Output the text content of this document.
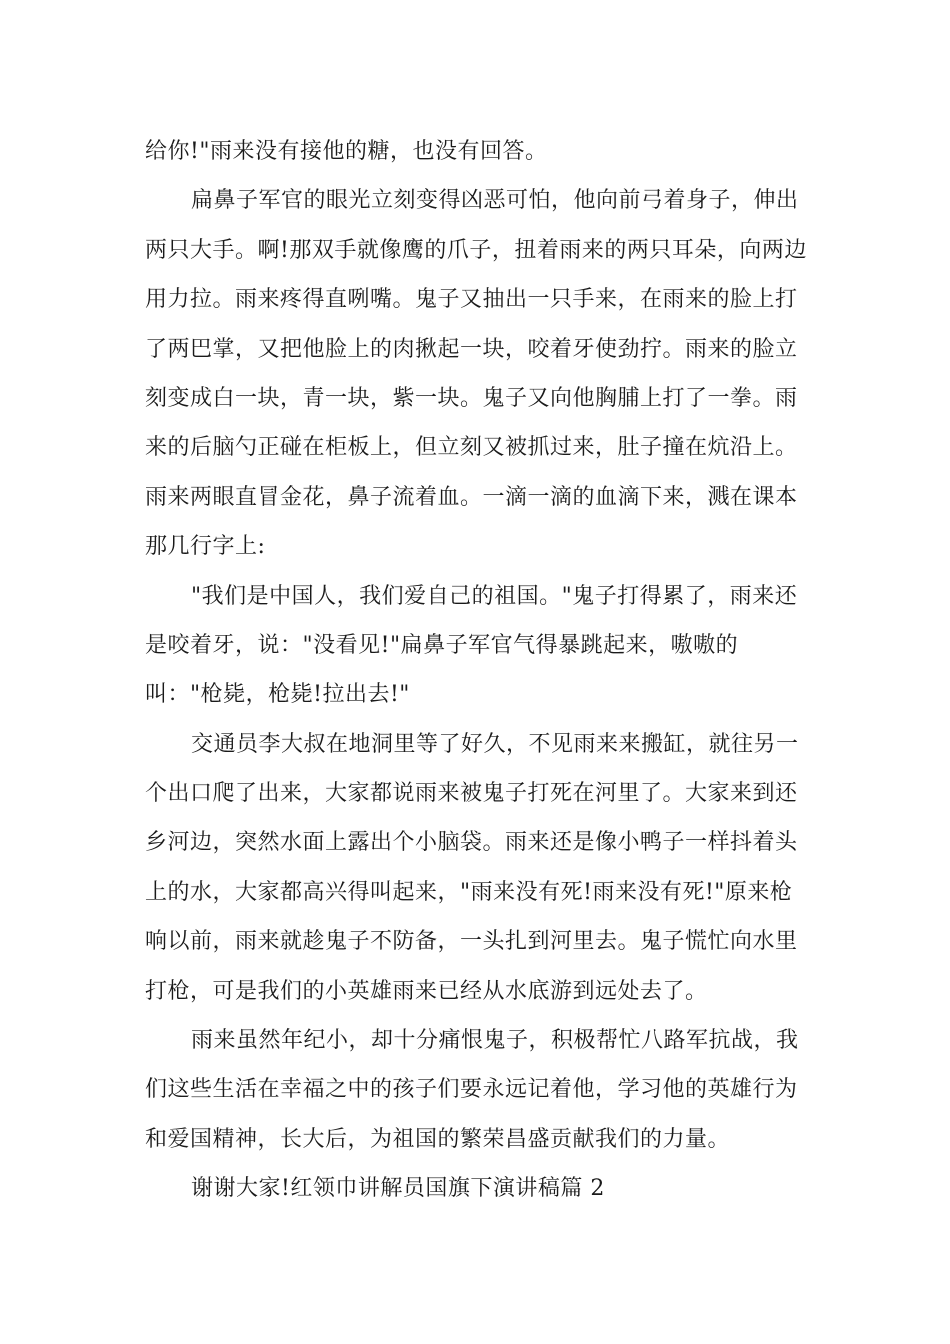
给你!"雨来没有接他的糖，也没有回答。
扁鼻子军官的眼光立刻变得凶恶可怕，他向前弓着身子，伸出
两只大手。啊!那双手就像鹰的爪子，扭着雨来的两只耳朵，向两边
用力拉。雨来疼得直咧嘴。鬼子又抽出一只手来，在雨来的脸上打
了两巴掌，又把他脸上的肉揪起一块，咬着牙使劲拧。雨来的脸立
刻变成白一块，青一块，紫一块。鬼子又向他胸脯上打了一拳。雨
来的后脑勺正碰在柜板上，但立刻又被抓过来，肚子撞在炕沿上。
雨来两眼直冒金花，鼻子流着血。一滴一滴的血滴下来，溅在课本
那几行字上:
"我们是中国人，我们爱自己的祖国。"鬼子打得累了，雨来还
是咬着牙，说："没看见!"扁鼻子军官气得暴跳起来，嗷嗷的
叫："枪毙，枪毙!拉出去!"
交通员李大叔在地洞里等了好久，不见雨来来搬缸，就往另一
个出口爬了出来，大家都说雨来被鬼子打死在河里了。大家来到还
乡河边，突然水面上露出个小脑袋。雨来还是像小鸭子一样抖着头
上的水，大家都高兴得叫起来，"雨来没有死!雨来没有死!"原来枪
响以前，雨来就趁鬼子不防备，一头扎到河里去。鬼子慌忙向水里
打枪，可是我们的小英雄雨来已经从水底游到远处去了。
雨来虽然年纪小，却十分痛恨鬼子，积极帮忙八路军抗战，我
们这些生活在幸福之中的孩子们要永远记着他，学习他的英雄行为
和爱国精神，长大后，为祖国的繁荣昌盛贡献我们的力量。
谢谢大家!红领巾讲解员国旗下演讲稿篇 2
